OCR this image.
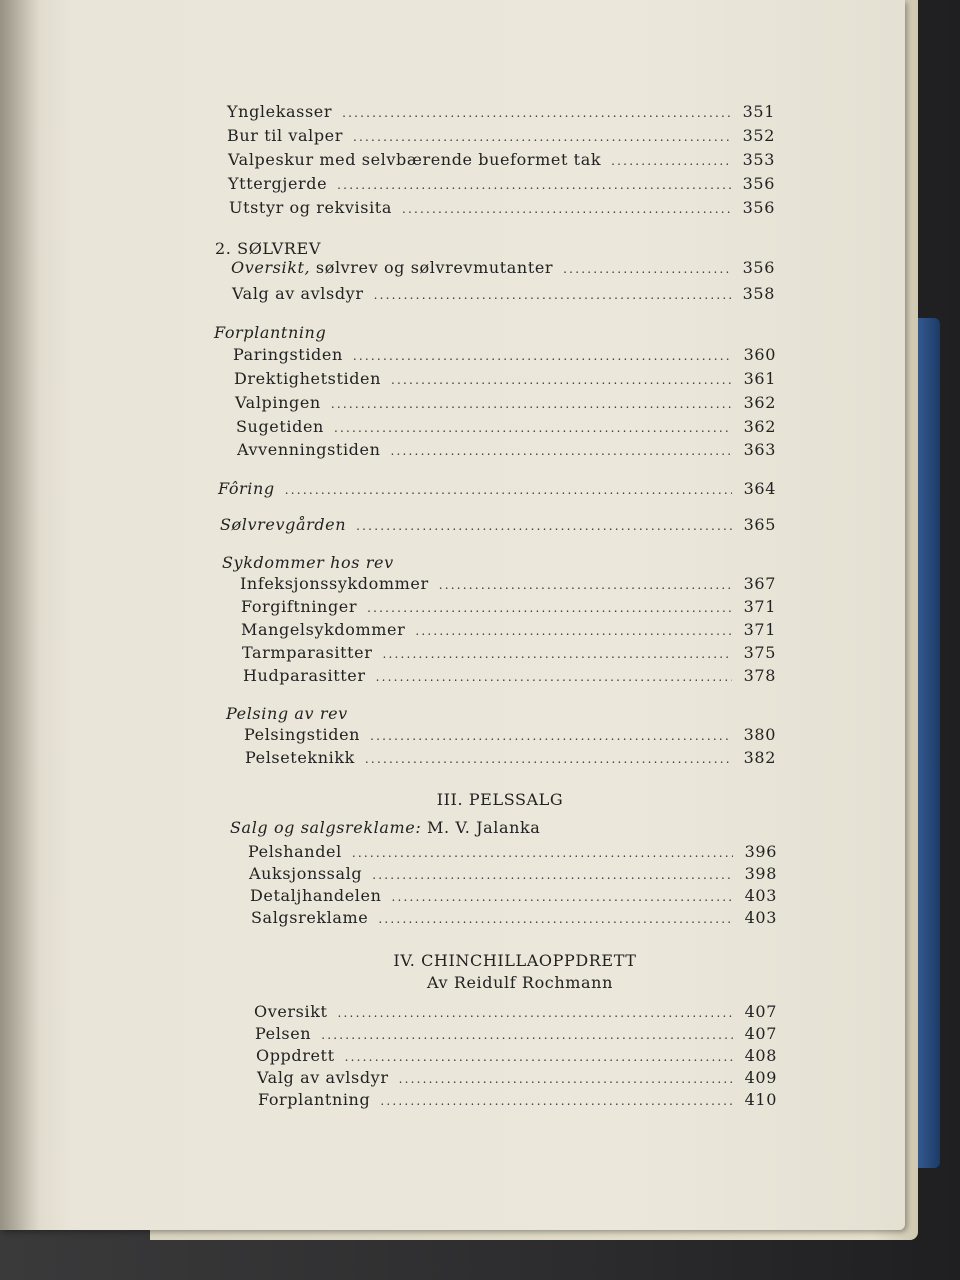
Ynglekasser .....	351
Bur til valper .....	352
Valpeskur med selvbærende bueformet tak .....	353
Yttergjerde .....	356
Utstyr og rekvisita .....	356
2. SØLVREV
Oversikt, sølvrev og sølvrevmutanter .....	356
Valg av avlsdyr .....	358
Forplantning
Paringstiden .....	360
Drektighetstiden .....	361
Valpingen .....	362
Sugetiden .....	362
Avvenningstiden .....	363
Fôring .....	364
Sølvrevgården .....	365
Sykdommer hos rev
Infeksjonssykdommer .....	367
Forgiftninger .....	371
Mangelsykdommer .....	371
Tarmparasitter .....	375
Hudparasitter .....	378
Pelsing av rev
Pelsingstiden .....	380
Pelseteknikk .....	382
III. PELSSALG
Salg og salgsreklame: M. V. Jalanka
Pelshandel .....	396
Auksjonssalg .....	398
Detaljhandelen .....	403
Salgsreklame .....	403
IV. CHINCHILLAOPPDRETT
Av Reidulf Rochmann
Oversikt .....	407
Pelsen .....	407
Oppdrett .....	408
Valg av avlsdyr .....	409
Forplantning .....	410
